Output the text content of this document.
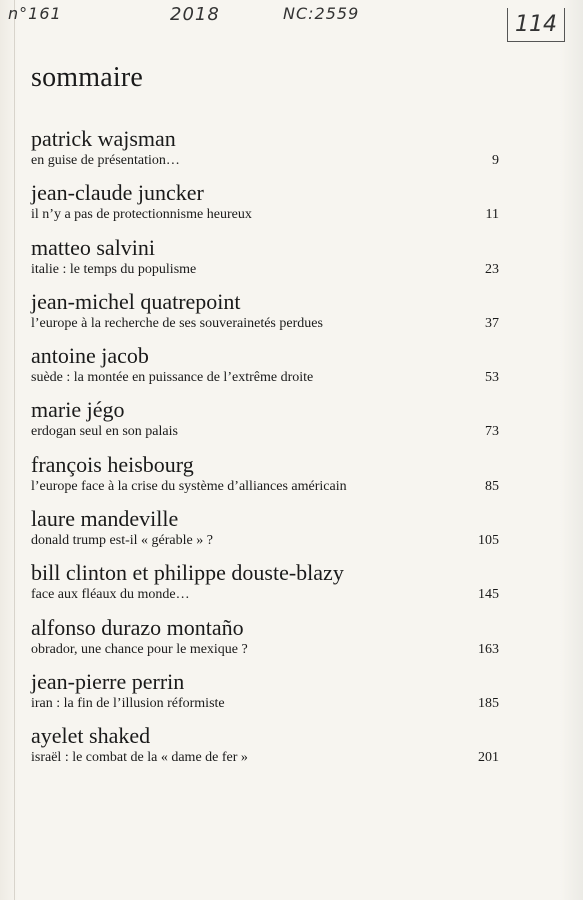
n°161	2018	NC:2559	114
sommaire
patrick wajsman
en guise de présentation…	9
jean-claude juncker
il n’y a pas de protectionnisme heureux	11
matteo salvini
italie : le temps du populisme	23
jean-michel quatrepoint
l’europe à la recherche de ses souverainetés perdues	37
antoine jacob
suède : la montée en puissance de l’extrême droite	53
marie jégo
erdogan seul en son palais	73
françois heisbourg
l’europe face à la crise du système d’alliances américain	85
laure mandeville
donald trump est-il « gérable » ?	105
bill clinton et philippe douste-blazy
face aux fléaux du monde…	145
alfonso durazo montaño
obrador, une chance pour le mexique ?	163
jean-pierre perrin
iran : la fin de l’illusion réformiste	185
ayelet shaked
israël : le combat de la « dame de fer »	201
